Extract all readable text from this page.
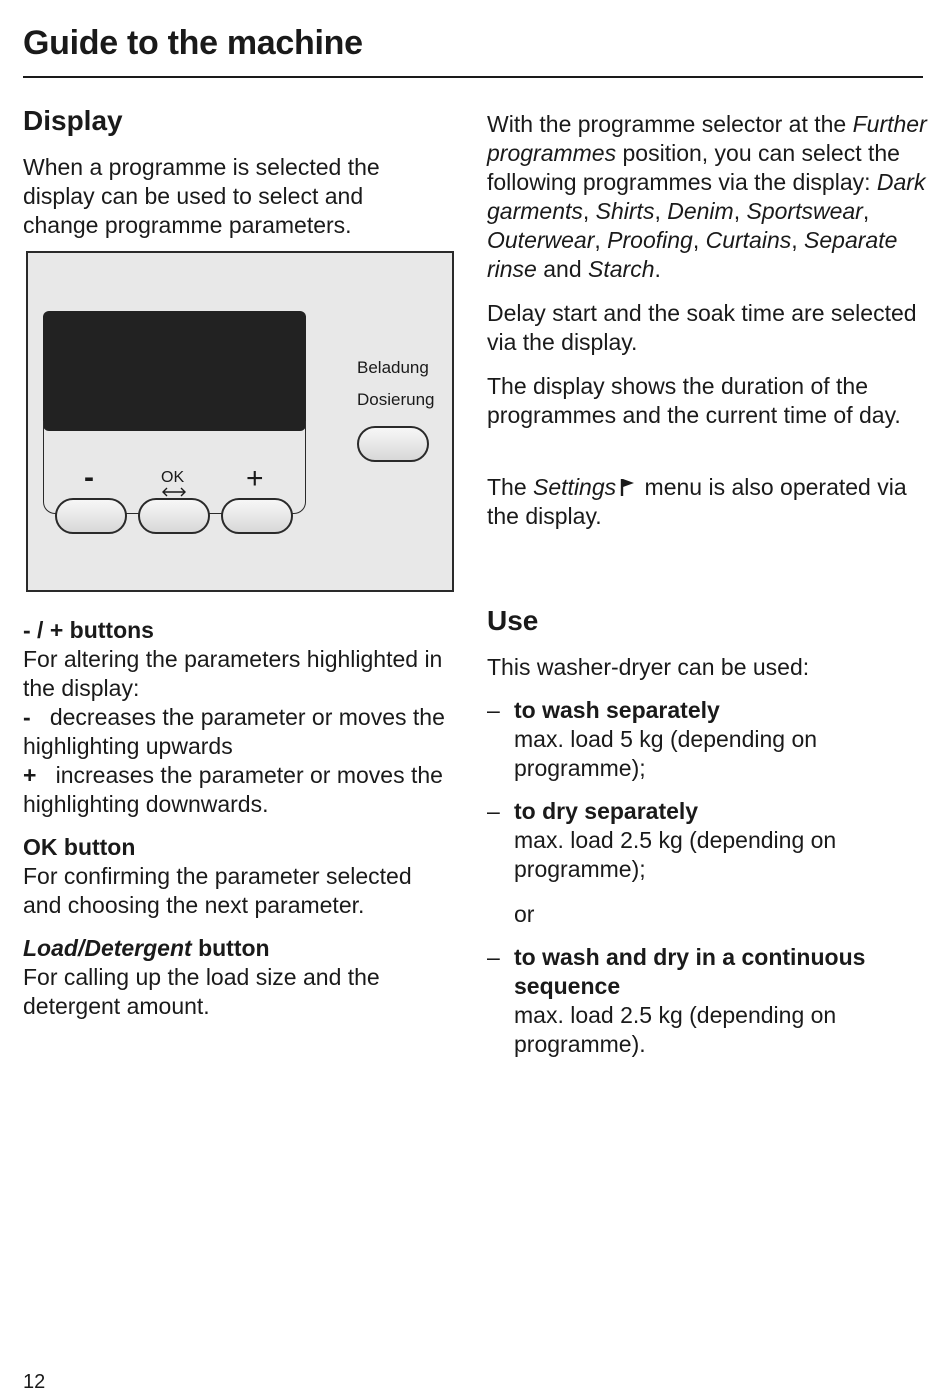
Guide to the machine
Display

When a programme is selected the display can be used to select and change programme parameters.

-	OK +
Beladung
Dosierung

- / + buttons

For altering the parameters highlighted in the display:

- decreases the parameter or moves the highlighting upwards

+ increases the parameter or moves the highlighting downwards.

OK button

For confirming the parameter selected and choosing the next parameter.

Load/Detergent button

For calling up the load size and the detergent amount.

With the programme selector at the Further programmes position, you can select the following programmes via the display: Dark garments, Shirts, Denim, Sportswear, Outerwear, Proofing, Curtains, Separate rinse and Starch.

Delay start and the soak time are selected via the display.

The display shows the duration of the programmes and the current time of day.

The Settings menu is also operated via the display.

Use

This washer-dryer can be used:

– to wash separately

max. load 5 kg (depending on programme);

– to dry separately

max. load 2.5 kg (depending on programme);

or

– to wash and dry in a continuous sequence

max. load 2.5 kg (depending on programme).

12
